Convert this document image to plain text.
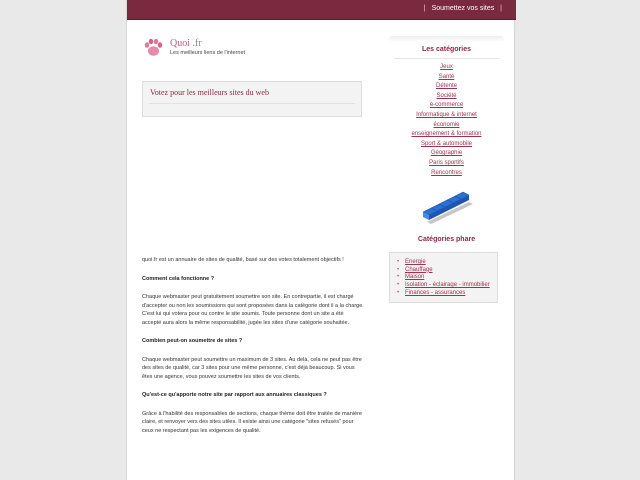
| Soumettez vos sites |
Quoi .fr
Les meilleurs liens de l'internet
Votez pour les meilleurs sites du web

quoi.fr est un annuaire de sites de qualité, basé sur des votes totalement objectifs !

Comment cela fonctionne ?

Chaque webmaster peut gratuitement soumettre son site. En contrepartie, il est chargé d'accepter ou non les soumissions qui sont proposées dans la catégorie dont il a la charge. C'est lui qui votera pour ou contre le site soumis. Toute personne dont un site a été accepté aura alors la même responsabilité, jugée les sites d'une catégorie souhaitée.

Combien peut-on soumettre de sites ?

Chaque webmaster peut soumettre un maximum de 3 sites. Au delà, cela ne peut pas être des sites de qualité, car 3 sites pour une même personne, c'est déjà beaucoup. Si vous êtes une agence, vous pouvez soumettre les sites de vos clients.

Qu'est-ce qu'apporte notre site par rapport aux annuaires classiques ?

Grâce à l'habilité des responsables de sections, chaque thème doit être traitée de manière claire, et renvoyer vers des sites utiles. Il existe ainsi une catégorie "sites refusés" pour ceux ne respectant pas les exigences de qualité.

Les catégories
Jeux
Santé
Détente
Société
e-commerce
Informatique & internet
économie
enseignement & formation
Sport & automobile
Géographie
Paris sportifs
Rencontres
Catégories phare
• Energie
• Chauffage
• Maison
• Isolation - éclairage - immobilier
• Finances - assurances
